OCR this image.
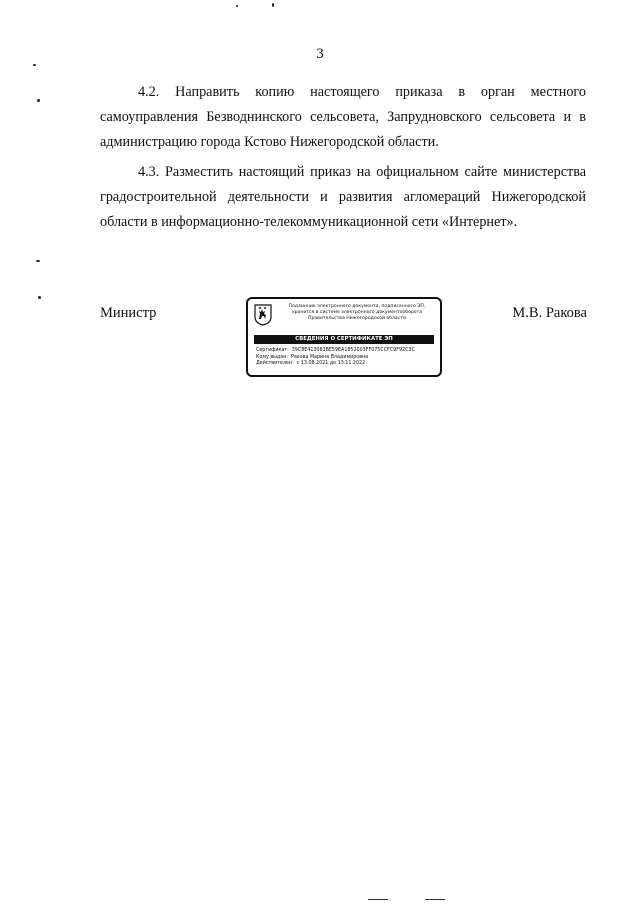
3

4.2. Направить копию настоящего приказа в орган местного самоуправления Безводнинского сельсовета, Запрудновского сельсовета и в администрацию города Кстово Нижегородской области.

4.3. Разместить настоящий приказ на официальном сайте министерства градостроительной деятельности и развития агломераций Нижегородской области в информационно-телекоммуникационной сети «Интернет».

Министр	М.В. Ракова
Подлинник электронного документа, подписанного ЭП,
хранится в системе электронного документооборота
Правительства Нижегородской области
СВЕДЕНИЯ О СЕРТИФИКАТЕ ЭП
Сертификат: 39C8E413083BE59EA1852003FF075CCFC9F92C3C
Кому выдан: Ракова Марина Владимировна
Действителен: с 13.08.2021 до 13.11.2022
